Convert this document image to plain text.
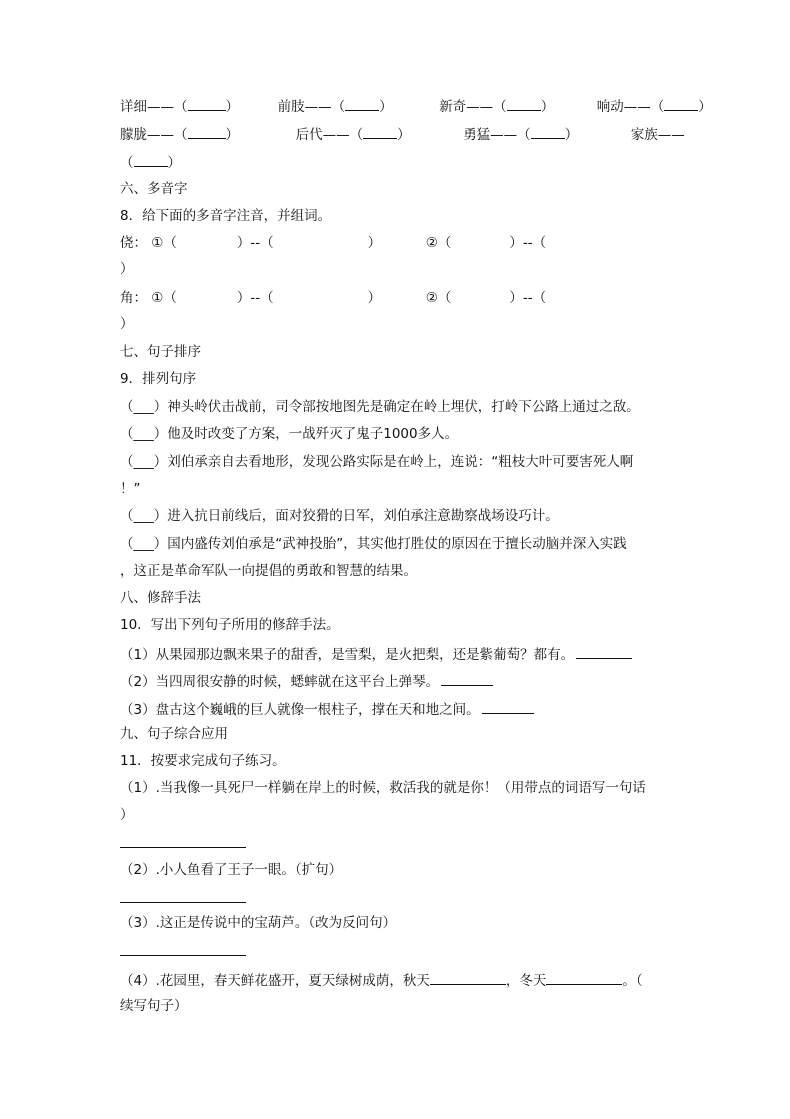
详细——（	）	前肢——（	）	新奇——（	）	响动——（	）
朦胧——（	）	后代——（	）	勇猛——（	）	家族——
（	）
六、多音字
8．给下面的多音字注音，并组词。
侥： ①（	）--（	）	②（	）--（
）
角： ①（	）--（	）	②（	）--（
）
七、句子排序
9．排列句序
（___）神头岭伏击战前，司令部按地图先是确定在岭上埋伏，打岭下公路上通过之敌。
（___）他及时改变了方案，一战歼灭了鬼子1000多人。
（___）刘伯承亲自去看地形，发现公路实际是在岭上，连说：“粗枝大叶可要害死人啊
！”
（___）进入抗日前线后，面对狡猾的日军，刘伯承注意勘察战场设巧计。
（___）国内盛传刘伯承是“武神投胎”，其实他打胜仗的原因在于擅长动脑并深入实践
，这正是革命军队一向提倡的勇敢和智慧的结果。
八、修辞手法
10．写出下列句子所用的修辞手法。
（1）从果园那边飘来果子的甜香，是雪梨，是火把梨，还是紫葡萄？都有。
（2）当四周很安静的时候，蟋蟀就在这平台上弹琴。
（3）盘古这个巍峨的巨人就像一根柱子，撑在天和地之间。
九、句子综合应用
11．按要求完成句子练习。
（1）.当我像一具死尸一样躺在岸上的时候，救活我的就是你！（用带点的词语写一句话
）
（2）.小人鱼看了王子一眼。（扩句）
（3）.这正是传说中的宝葫芦。（改为反问句）
（4）.花园里，春天鲜花盛开，夏天绿树成荫，秋天	，冬天	。（
续写句子）
